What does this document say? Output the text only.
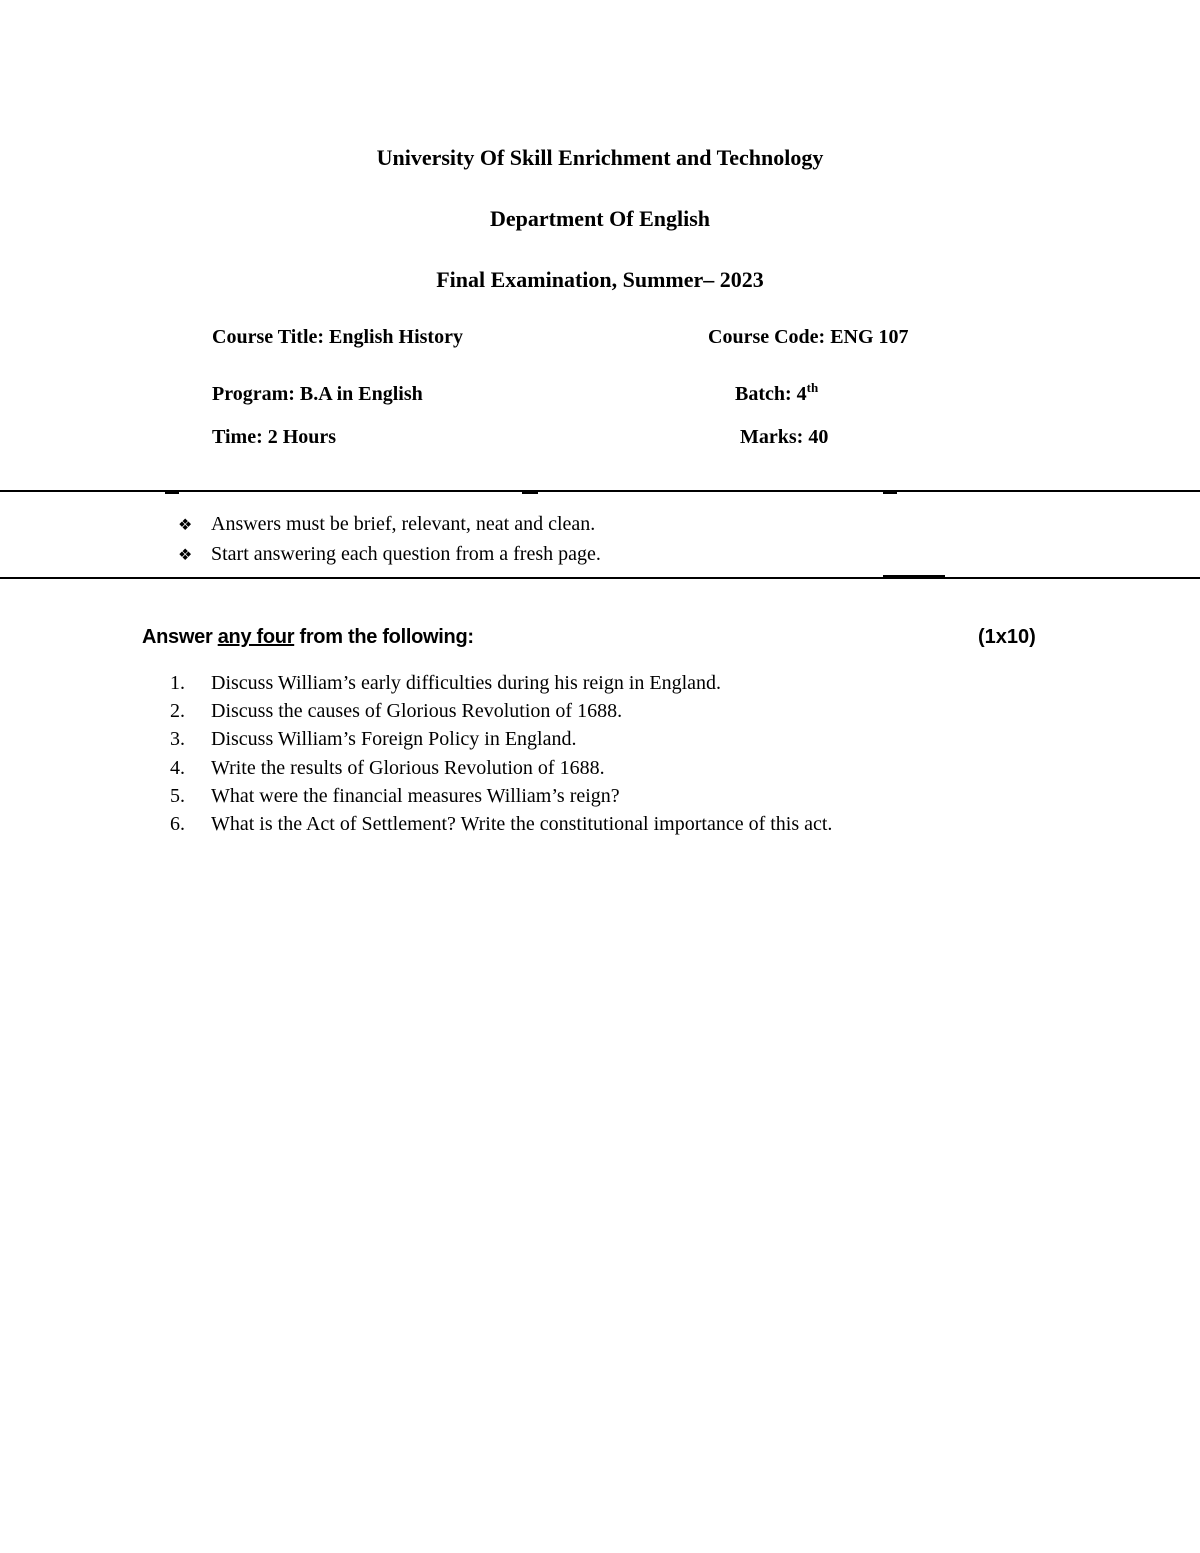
University Of Skill Enrichment and Technology
Department Of English
Final Examination, Summer– 2023
Course Title: English History	Course Code: ENG 107
Program: B.A in English	Batch: 4th
Time: 2 Hours	Marks: 40
❖ Answers must be brief, relevant, neat and clean.
❖ Start answering each question from a fresh page.
Answer any four from the following:	(1x10)
1. Discuss William’s early difficulties during his reign in England.
2. Discuss the causes of Glorious Revolution of 1688.
3. Discuss William’s Foreign Policy in England.
4. Write the results of Glorious Revolution of 1688.
5. What were the financial measures William’s reign?
6. What is the Act of Settlement? Write the constitutional importance of this act.
